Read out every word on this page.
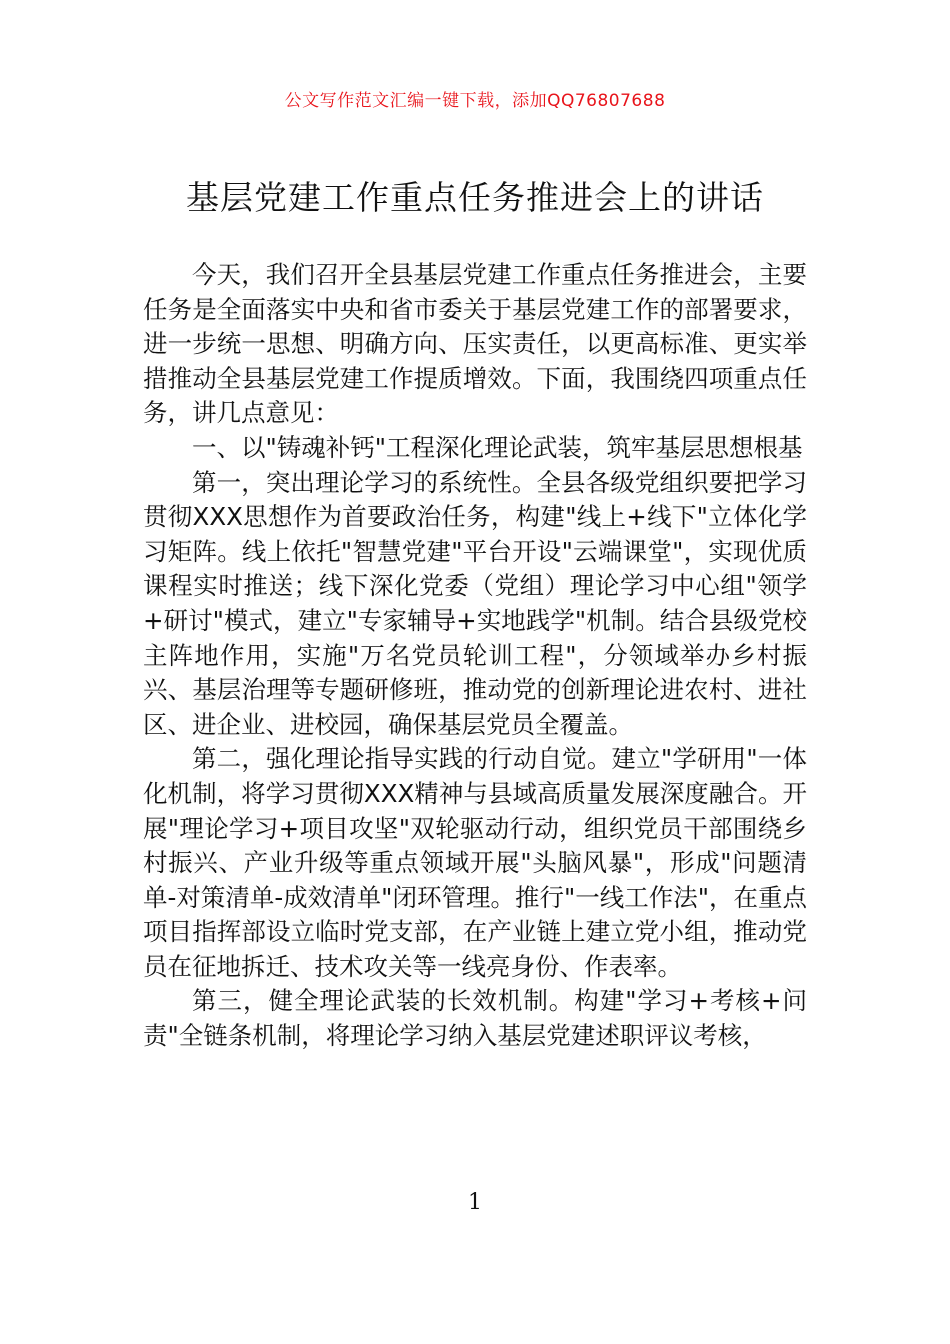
公文写作范文汇编一键下载，添加QQ76807688
基层党建工作重点任务推进会上的讲话

今天，我们召开全县基层党建工作重点任务推进会，主要任务是全面落实中央和省市委关于基层党建工作的部署要求，进一步统一思想、明确方向、压实责任，以更高标准、更实举措推动全县基层党建工作提质增效。下面，我围绕四项重点任务，讲几点意见：

一、以"铸魂补钙"工程深化理论武装，筑牢基层思想根基

第一，突出理论学习的系统性。全县各级党组织要把学习贯彻XXX思想作为首要政治任务，构建"线上+线下"立体化学习矩阵。线上依托"智慧党建"平台开设"云端课堂"，实现优质课程实时推送；线下深化党委（党组）理论学习中心组"领学+研讨"模式，建立"专家辅导+实地践学"机制。结合县级党校主阵地作用，实施"万名党员轮训工程"，分领域举办乡村振兴、基层治理等专题研修班，推动党的创新理论进农村、进社区、进企业、进校园，确保基层党员全覆盖。

第二，强化理论指导实践的行动自觉。建立"学研用"一体化机制，将学习贯彻XXX精神与县域高质量发展深度融合。开展"理论学习+项目攻坚"双轮驱动行动，组织党员干部围绕乡村振兴、产业升级等重点领域开展"头脑风暴"，形成"问题清单-对策清单-成效清单"闭环管理。推行"一线工作法"，在重点项目指挥部设立临时党支部，在产业链上建立党小组，推动党员在征地拆迁、技术攻关等一线亮身份、作表率。

第三，健全理论武装的长效机制。构建"学习+考核+问责"全链条机制，将理论学习纳入基层党建述职评议考核，

1
